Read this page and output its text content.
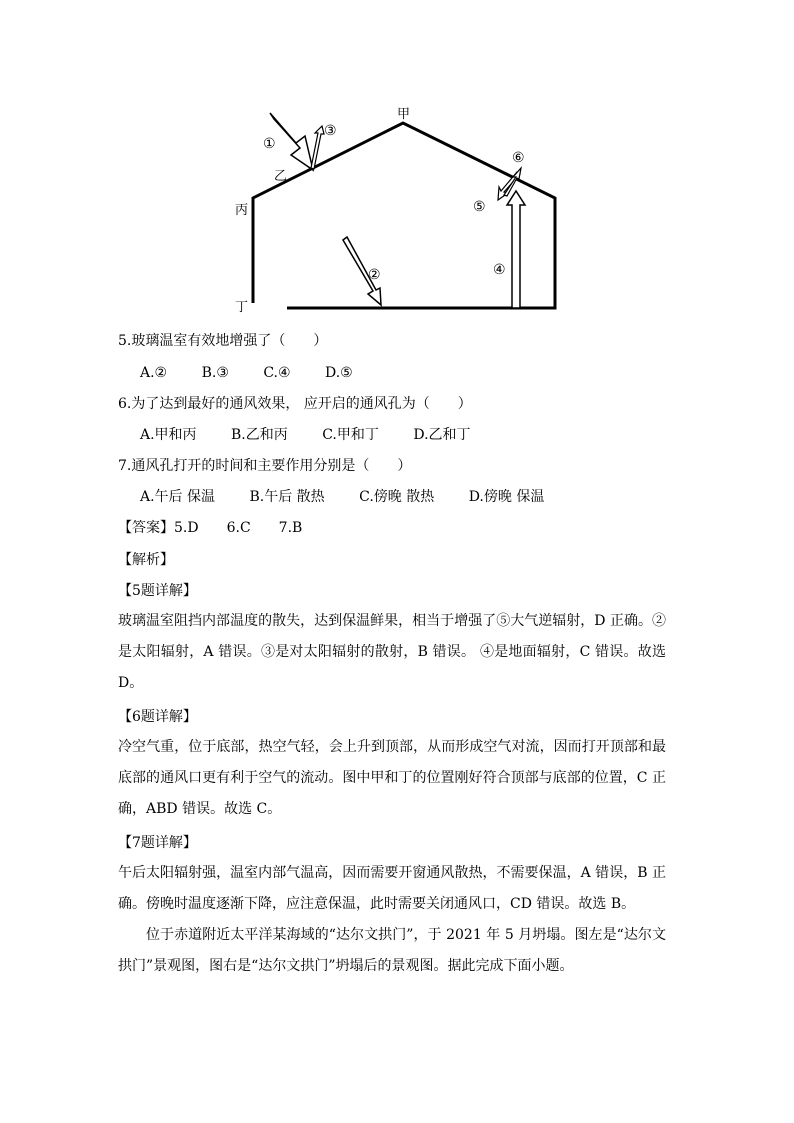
甲
乙
丙
丁
①
②
③
④
⑤
⑥
5.玻璃温室有效地增强了（　　）
A.② B.③ C.④ D.⑤
6.为了达到最好的通风效果， 应开启的通风孔为（　　）
A.甲和丙 B.乙和丙 C.甲和丁 D.乙和丁
7.通风孔打开的时间和主要作用分别是（　　）
A.午后 保温 B.午后 散热 C.傍晚 散热 D.傍晚 保温
【答案】5.D 6.C 7.B
【解析】
【5题详解】
玻璃温室阻挡内部温度的散失，达到保温鲜果，相当于增强了⑤大气逆辐射，D 正确。②是太阳辐射，A 错误。③是对太阳辐射的散射，B 错误。 ④是地面辐射，C 错误。故选D。
【6题详解】
冷空气重，位于底部，热空气轻，会上升到顶部，从而形成空气对流，因而打开顶部和最底部的通风口更有利于空气的流动。图中甲和丁的位置刚好符合顶部与底部的位置，C 正确，ABD 错误。故选 C。
【7题详解】
午后太阳辐射强，温室内部气温高，因而需要开窗通风散热，不需要保温，A 错误，B 正确。傍晚时温度逐渐下降，应注意保温，此时需要关闭通风口，CD 错误。故选 B。
位于赤道附近太平洋某海域的“达尔文拱门”，于 2021 年 5 月坍塌。图左是“达尔文拱门”景观图，图右是“达尔文拱门”坍塌后的景观图。据此完成下面小题。
